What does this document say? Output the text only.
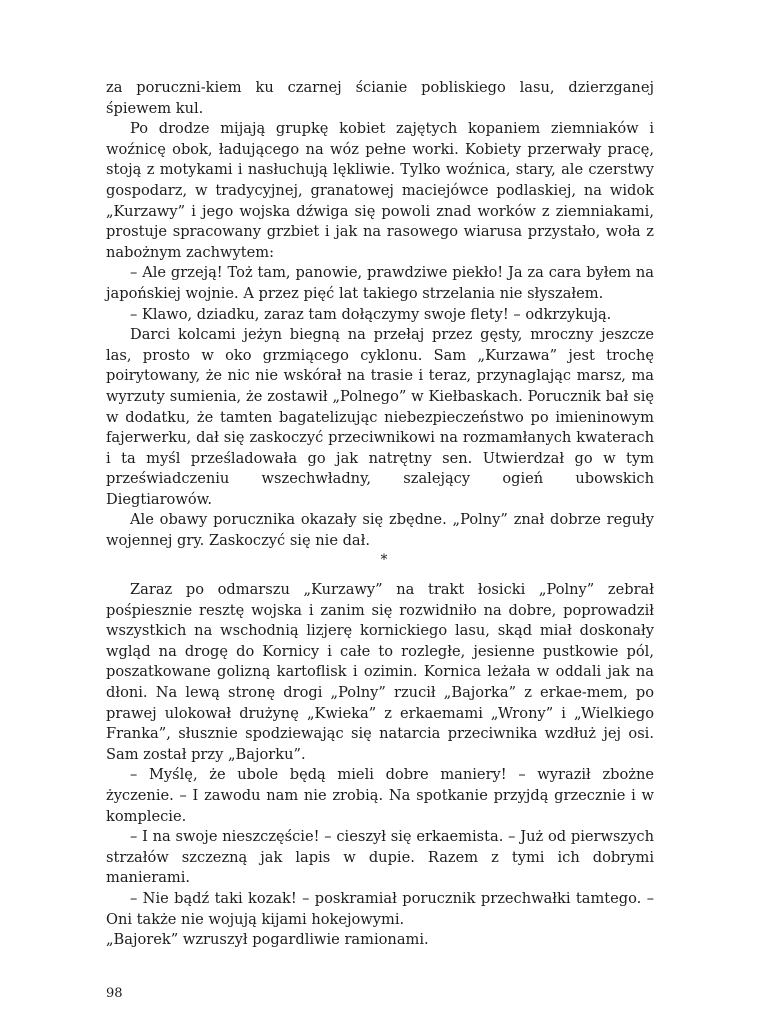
za poruczni-kiem ku czarnej ścianie pobliskiego lasu, dzierzganej śpiewem kul.

Po drodze mijają grupkę kobiet zajętych kopaniem ziemniaków i woźnicę obok, ładującego na wóz pełne worki. Kobiety przerwały pracę, stoją z motykami i nasłuchują lękliwie. Tylko woźnica, stary, ale czerstwy gospodarz, w tradycyjnej, granatowej maciejówce podlaskiej, na widok „Kurzawy” i jego wojska dźwiga się powoli znad worków z ziemniakami, prostuje spracowany grzbiet i jak na rasowego wiarusa przystało, woła z nabożnym zachwytem:

– Ale grzeją! Toż tam, panowie, prawdziwe piekło! Ja za cara byłem na japońskiej wojnie. A przez pięć lat takiego strzelania nie słyszałem.

– Klawo, dziadku, zaraz tam dołączymy swoje flety! – odkrzykują.

Darci kolcami jeżyn biegną na przełaj przez gęsty, mroczny jeszcze las, prosto w oko grzmiącego cyklonu. Sam „Kurzawa” jest trochę poirytowany, że nic nie wskórał na trasie i teraz, przynaglając marsz, ma wyrzuty sumienia, że zostawił „Polnego” w Kiełbaskach. Porucznik bał się w dodatku, że tamten bagatelizując niebezpieczeństwo po imieninowym fajerwerku, dał się zaskoczyć przeciwnikowi na rozmamłanych kwaterach i ta myśl prześladowała go jak natrętny sen. Utwierdzał go w tym przeświadczeniu wszechwładny, szalejący ogień ubowskich Diegtiarowów.

Ale obawy porucznika okazały się zbędne. „Polny” znał dobrze reguły wojennej gry. Zaskoczyć się nie dał.

*

Zaraz po odmarszu „Kurzawy” na trakt łosicki „Polny” zebrał pośpiesznie resztę wojska i zanim się rozwidniło na dobre, poprowadził wszystkich na wschodnią lizjerę kornickiego lasu, skąd miał doskonały wgląd na drogę do Kornicy i całe to rozległe, jesienne pustkowie pól, poszatkowane golizną kartoflisk i ozimin. Kornica leżała w oddali jak na dłoni. Na lewą stronę drogi „Polny” rzucił „Bajorka” z erkae-mem, po prawej ulokował drużynę „Kwieka” z erkaemami „Wrony” i „Wielkiego Franka”, słusznie spodziewając się natarcia przeciwnika wzdłuż jej osi. Sam został przy „Bajorku”.

– Myślę, że ubole będą mieli dobre maniery! – wyraził zbożne życzenie. – I zawodu nam nie zrobią. Na spotkanie przyjdą grzecznie i w komplecie.

– I na swoje nieszczęście! – cieszył się erkaemista. – Już od pierwszych strzałów szczezną jak lapis w dupie. Razem z tymi ich dobrymi manierami.

– Nie bądź taki kozak! – poskramiał porucznik przechwałki tamtego. – Oni także nie wojują kijami hokejowymi.

„Bajorek” wzruszył pogardliwie ramionami.

98
